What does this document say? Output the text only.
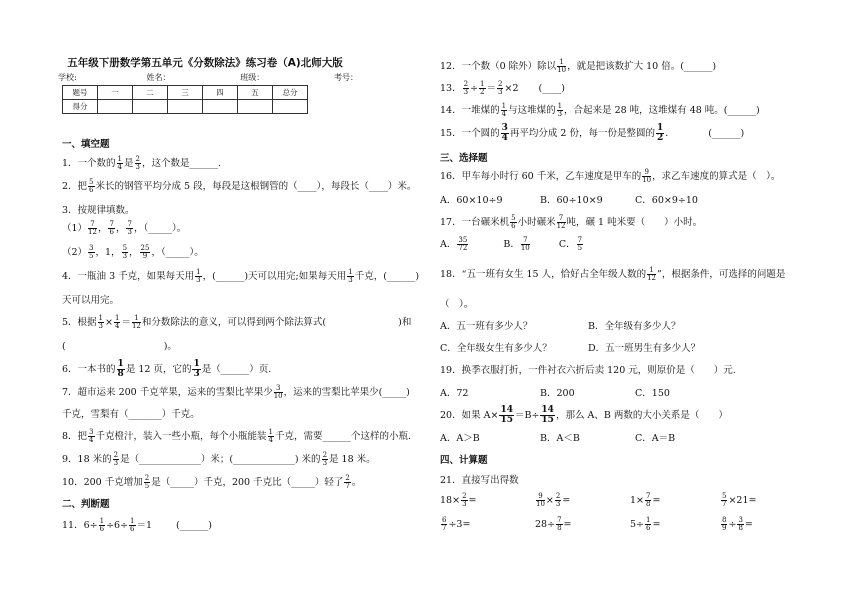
五年级下册数学第五单元《分数除法》练习卷（A)北师大版
学校:	姓名：	班级：	考号：
题号	一	二	三	四	五	总分
得分						
一、填空题
1．一个数的 $\frac{1}{4}$ 是 $\frac{2}{3}$ ，这个数是______.
2．把 $\frac{5}{6}$ 米长的钢管平均分成 5 段，每段是这根钢管的（____），每段长（____）米。
3．按规律填数。
$(1) \frac{7}{12}$ ， $\frac{7}{6}$ ， $\frac{7}{3}$ ，（_____）。
$(2) \frac{3}{5}$ ，1， $\frac{5}{3}$ ， $\frac{25}{9}$ ，（_____）。
4．一瓶油 3 千克，如果每天用 $\frac{1}{3}$ ，(______)天可以用完;如果每天用 $\frac{1}{3}$ 千克，(______)
天可以用完。
5．根据 $\frac{1}{3} \times \frac{1}{4} = \frac{1}{12}$ 和分数除法的意义，可以得到两个除法算式(	)和
(	)。
6．一本书的 $\frac{1}{8}$ 是 12 页，它的 $\frac{1}{3}$ 是（______）页.
7．超市运来 200 千克苹果，运来的雪梨比苹果少 $\frac{3}{10}$ ，运来的雪梨比苹果少(_____)
千克，雪梨有（_______）千克。
8．把 $\frac{3}{4}$ 千克橙汁，装入一些小瓶，每个小瓶能装 $\frac{1}{4}$ 千克，需要______个这样的小瓶.
9．18 米的 $\frac{2}{3}$ 是（_____________）米；(_____________) 米的 $\frac{2}{3}$ 是 18 米。
10．200 千克增加 $\frac{2}{5}$ 是（_____）千克，200 千克比（_____）轻了 $\frac{2}{7}$ 。
二、判断题
11．$6\div \frac{1}{6} \div 6\div \frac{1}{6} =1$	(______)
12．一个数（0 除外）除以 $\frac{1}{10}$ ，就是把该数扩大 10 倍。(______)
13． $\frac{2}{3} \div \frac{1}{2} = \frac{2}{3} \times 2$ (____)
14．一堆煤的 $\frac{1}{4}$ 与这堆煤的 $\frac{1}{3}$ ，合起来是 28 吨，这堆煤有 48 吨。(______)
15．一个圆的 $\frac{3}{4}$ 再平均分成 2 份，每一份是整圆的 $\frac{1}{2}$ .	(______)
三、选择题
16．甲车每小时行 60 千米，乙车速度是甲车的 $\frac{9}{10}$ ，求乙车速度的算式是（　）。
A．60×10÷9	B．60÷10×9	C．60×9÷10
17．一台碾米机 $\frac{5}{6}$ 小时碾米 $\frac{7}{12}$ 吨，碾 1 吨米要（　　）小时。
A． $\frac{35}{72}$	B． $\frac{7}{10}$	C． $\frac{7}{5}$
18．“五一班有女生 15 人，恰好占全年级人数的 $\frac{1}{12}$ ”，根据条件，可选择的问题是
（　）。
A．五一班有多少人？	B．全年级有多少人？
C．全年级女生有多少人？	D．五一班男生有多少人？
19．换季衣服打折，一件衬衣六折后卖 120 元，则原价是（　　）元.
A．72	B．200	C．150
20．如果 $A\times \frac{14}{15} =B\div \frac{14}{15}$ ，那么 A、B 两数的大小关系是（　　）
A．A＞B	B．A＜B	C．A＝B
四、计算题
21．直接写出得数
$18\times \frac{2}{3}$ =	$\frac{9}{10} \times \frac{2}{3}$ =	$1\times \frac{7}{8}$ =	$\frac{5}{7} \times 21=$
$\frac{6}{7} \div 3=$	$28\div \frac{7}{8}$ =	$5\div \frac{1}{6}$ =	$\frac{8}{9} \div \frac{3}{8}$ =
